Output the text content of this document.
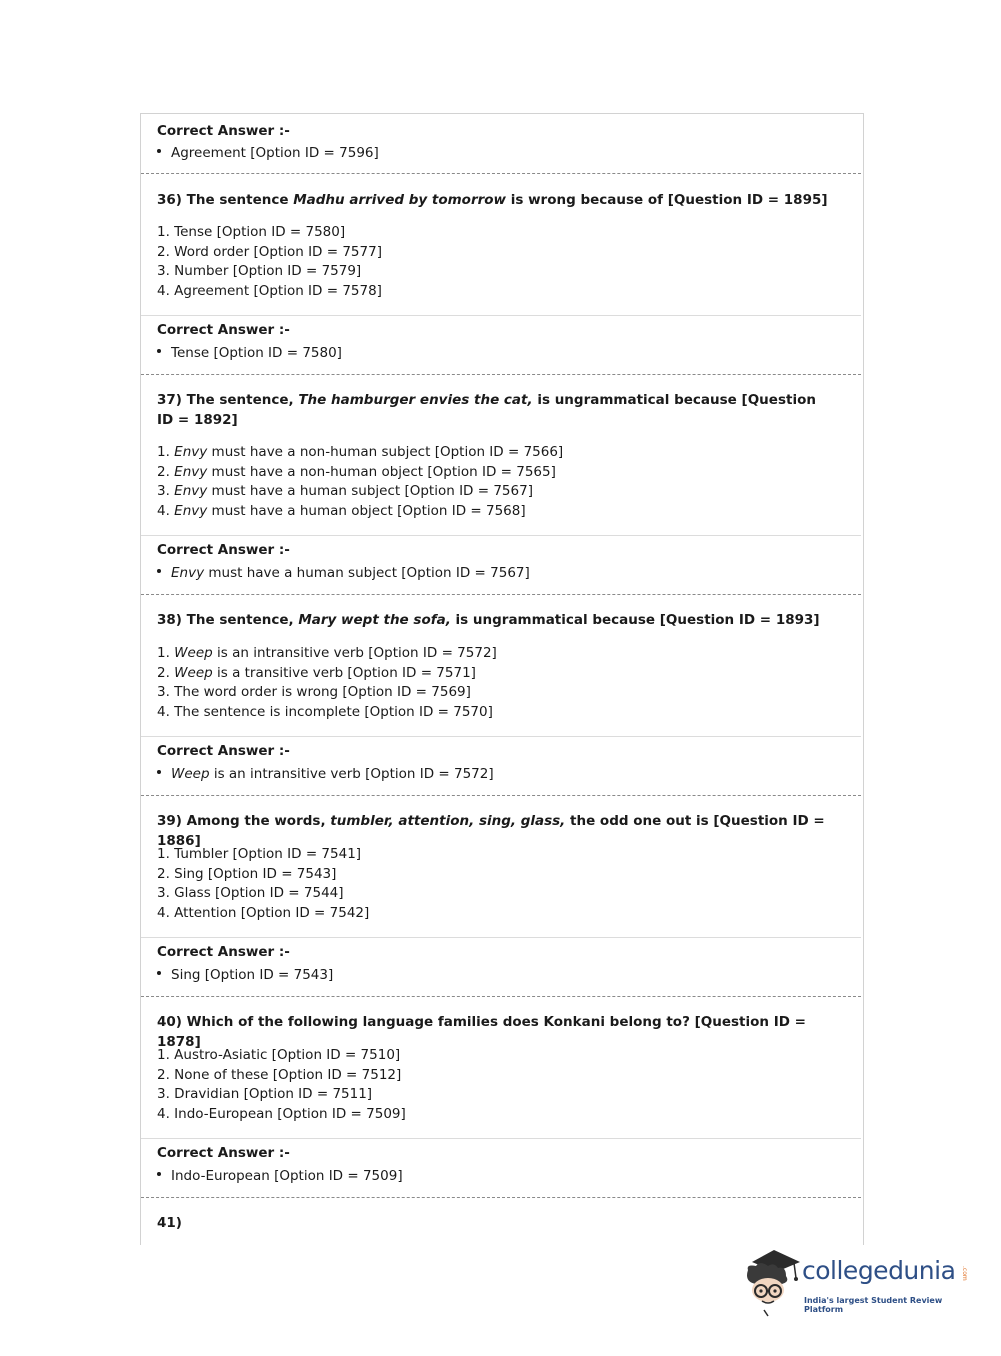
Correct Answer :-
Agreement [Option ID = 7596]
36) The sentence Madhu arrived by tomorrow is wrong because of [Question ID = 1895]
1. Tense [Option ID = 7580]
2. Word order [Option ID = 7577]
3. Number [Option ID = 7579]
4. Agreement [Option ID = 7578]
Correct Answer :-
Tense [Option ID = 7580]
37) The sentence, The hamburger envies the cat, is ungrammatical because [Question ID = 1892]
1. Envy must have a non-human subject [Option ID = 7566]
2. Envy must have a non-human object [Option ID = 7565]
3. Envy must have a human subject [Option ID = 7567]
4. Envy must have a human object [Option ID = 7568]
Correct Answer :-
Envy must have a human subject [Option ID = 7567]
38) The sentence, Mary wept the sofa, is ungrammatical because [Question ID = 1893]
1. Weep is an intransitive verb [Option ID = 7572]
2. Weep is a transitive verb [Option ID = 7571]
3. The word order is wrong [Option ID = 7569]
4. The sentence is incomplete [Option ID = 7570]
Correct Answer :-
Weep is an intransitive verb [Option ID = 7572]
39) Among the words, tumbler, attention, sing, glass, the odd one out is [Question ID = 1886]
1. Tumbler [Option ID = 7541]
2. Sing [Option ID = 7543]
3. Glass [Option ID = 7544]
4. Attention [Option ID = 7542]
Correct Answer :-
Sing [Option ID = 7543]
40) Which of the following language families does Konkani belong to? [Question ID = 1878]
1. Austro-Asiatic [Option ID = 7510]
2. None of these [Option ID = 7512]
3. Dravidian [Option ID = 7511]
4. Indo-European [Option ID = 7509]
Correct Answer :-
Indo-European [Option ID = 7509]
41)
collegedunia .com
India's largest Student Review Platform
